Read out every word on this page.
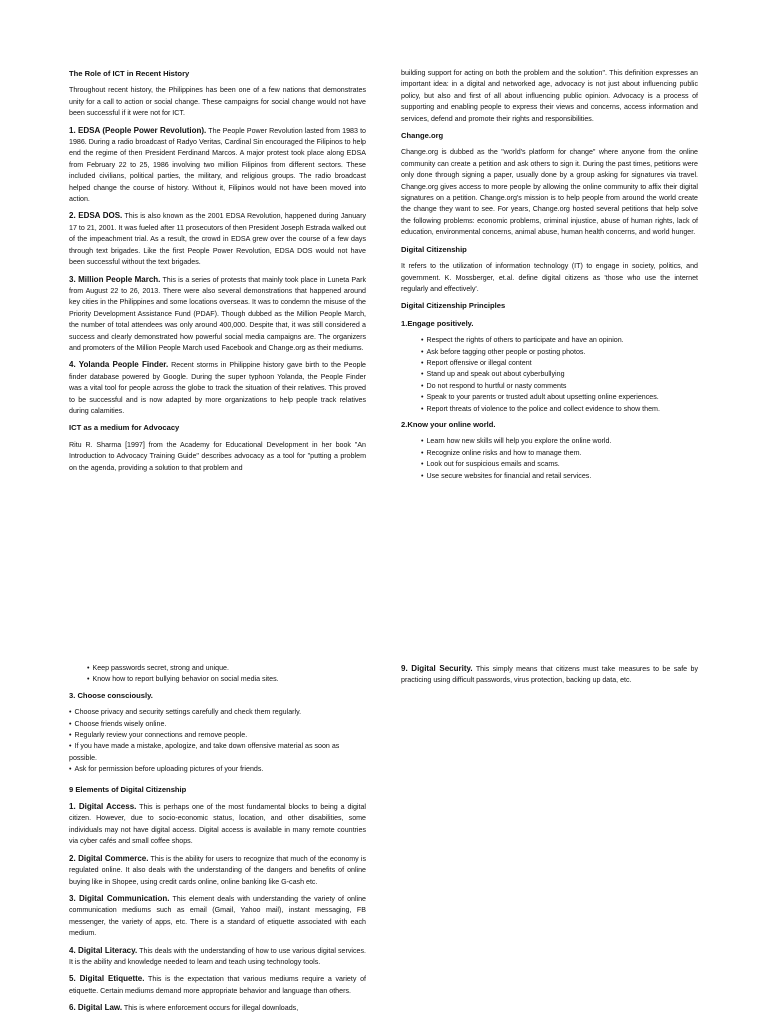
The Role of ICT in Recent History

Throughout recent history, the Philippines has been one of a few nations that demonstrates unity for a call to action or social change. These campaigns for social change would not have been successful if it were not for ICT.

1. EDSA (People Power Revolution). The People Power Revolution lasted from 1983 to 1986. During a radio broadcast of Radyo Veritas, Cardinal Sin encouraged the Filipinos to help end the regime of then President Ferdinand Marcos. A major protest took place along EDSA from February 22 to 25, 1986 involving two million Filipinos from different sectors. These included civilians, political parties, the military, and religious groups. The radio broadcast helped change the course of history. Without it, Filipinos would not have been moved into action.

2. EDSA DOS. This is also known as the 2001 EDSA Revolution, happened during January 17 to 21, 2001. It was fueled after 11 prosecutors of then President Joseph Estrada walked out of the impeachment trial. As a result, the crowd in EDSA grew over the course of a few days through text brigades. Like the first People Power Revolution, EDSA DOS would not have been successful without the text brigades.

3. Million People March. This is a series of protests that mainly took place in Luneta Park from August 22 to 26, 2013. There were also several demonstrations that happened around key cities in the Philippines and some locations overseas. It was to condemn the misuse of the Priority Development Assistance Fund (PDAF). Though dubbed as the Million People March, the number of total attendees was only around 400,000. Despite that, it was still considered a success and clearly demonstrated how powerful social media campaigns are. The organizers and promoters of the Million People March used Facebook and Change.org as their mediums.

4. Yolanda People Finder. Recent storms in Philippine history gave birth to the People finder database powered by Google. During the super typhoon Yolanda, the People Finder was a vital tool for people across the globe to track the situation of their relatives. This proved to be successful and is now adapted by more organizations to help people track relatives during calamities.

ICT as a medium for Advocacy

Ritu R. Sharma [1997] from the Academy for Educational Development in her book "An Introduction to Advocacy Training Guide" describes advocacy as a tool for "putting a problem on the agenda, providing a solution to that problem and

building support for acting on both the problem and the solution". This definition expresses an important idea: in a digital and networked age, advocacy is not just about influencing public policy, but also and first of all about influencing public opinion. Advocacy is a process of supporting and enabling people to express their views and concerns, access information and services, defend and promote their rights and responsibilities.

Change.org

Change.org is dubbed as the "world's platform for change" where anyone from the online community can create a petition and ask others to sign it. During the past times, petitions were only done through signing a paper, usually done by a group asking for signatures via travel. Change.org gives access to more people by allowing the online community to affix their digital signatures on a petition. Change.org's mission is to help people from around the world create the change they want to see. For years, Change.org hosted several petitions that help solve the following problems: economic problems, criminal injustice, abuse of human rights, lack of education, environmental concerns, animal abuse, human health concerns, and world hunger.

Digital Citizenship

It refers to the utilization of information technology (IT) to engage in society, politics, and government. K. Mossberger, et.al. define digital citizens as 'those who use the internet regularly and effectively'.

Digital Citizenship Principles
1.Engage positively.
• Respect the rights of others to participate and have an opinion.
• Ask before tagging other people or posting photos.
• Report offensive or illegal content
• Stand up and speak out about cyberbullying
• Do not respond to hurtful or nasty comments
• Speak to your parents or trusted adult about upsetting online experiences.
• Report threats of violence to the police and collect evidence to show them.
2.Know your online world.
• Learn how new skills will help you explore the online world.
• Recognize online risks and how to manage them.
• Look out for suspicious emails and scams.
• Use secure websites for financial and retail services.
• Keep passwords secret, strong and unique.
• Know how to report bullying behavior on social media sites.
3. Choose consciously.
• Choose privacy and security settings carefully and check them regularly.
• Choose friends wisely online.
• Regularly review your connections and remove people.
• If you have made a mistake, apologize, and take down offensive material as soon as possible.
• Ask for permission before uploading pictures of your friends.
9 Elements of Digital Citizenship

1. Digital Access. This is perhaps one of the most fundamental blocks to being a digital citizen. However, due to socio-economic status, location, and other disabilities, some individuals may not have digital access. Digital access is available in many remote countries via cyber cafés and small coffee shops.

2. Digital Commerce. This is the ability for users to recognize that much of the economy is regulated online. It also deals with the understanding of the dangers and benefits of online buying like in Shopee, using credit cards online, online banking like G-cash etc.

3. Digital Communication. This element deals with understanding the variety of online communication mediums such as email (Gmail, Yahoo mail), instant messaging, FB messenger, the variety of apps, etc. There is a standard of etiquette associated with each medium.

4. Digital Literacy. This deals with the understanding of how to use various digital services. It is the ability and knowledge needed to learn and teach using technology tools.

5. Digital Etiquette. This is the expectation that various mediums require a variety of etiquette. Certain mediums demand more appropriate behavior and language than others.

6. Digital Law. This is where enforcement occurs for illegal downloads,

9. Digital Security. This simply means that citizens must take measures to be safe by practicing using difficult passwords, virus protection, backing up data, etc.
